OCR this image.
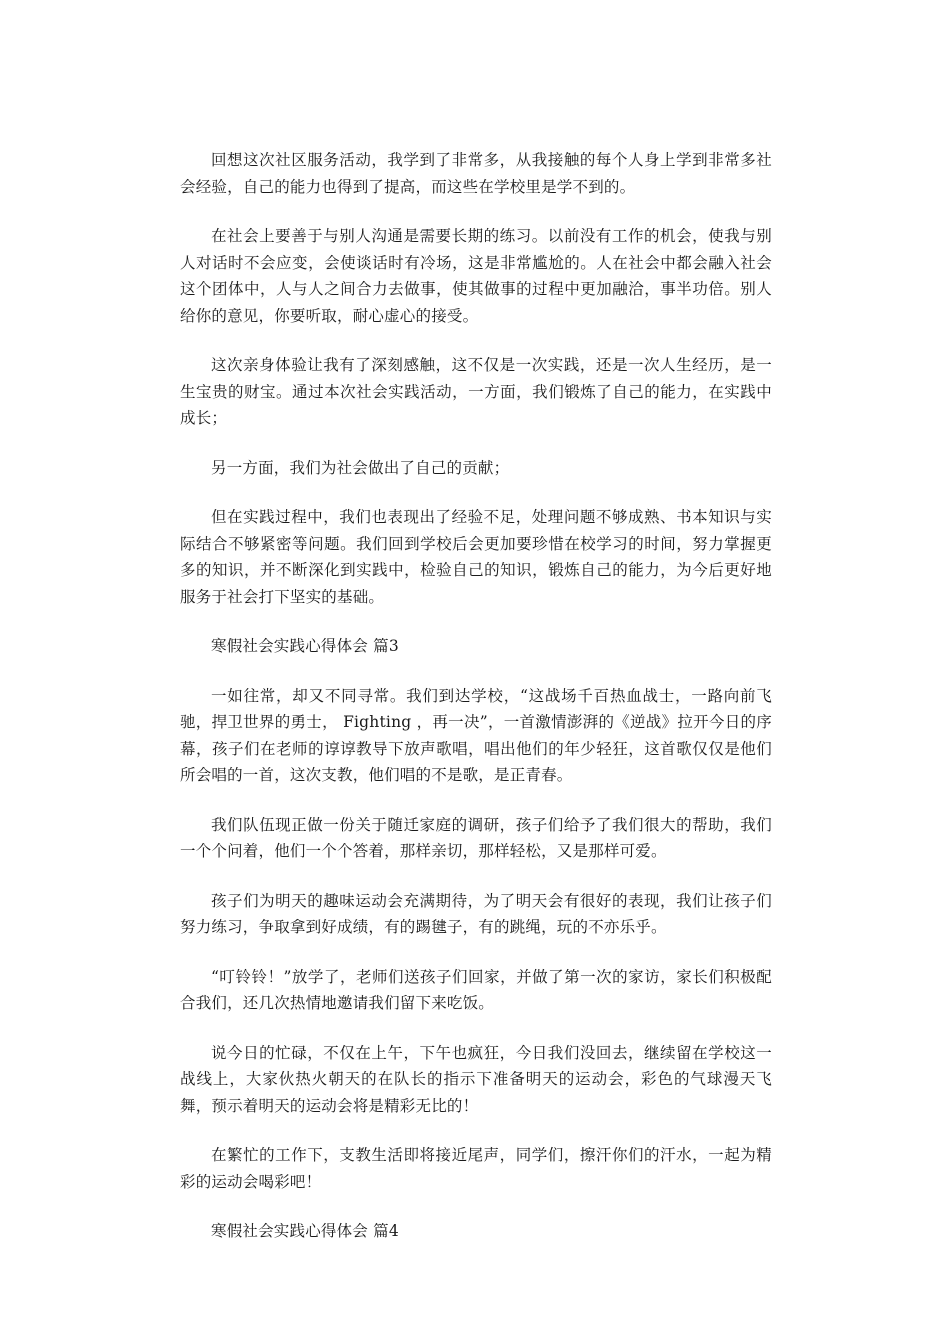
回想这次社区服务活动，我学到了非常多，从我接触的每个人身上学到非常多社会经验，自己的能力也得到了提高，而这些在学校里是学不到的。

在社会上要善于与别人沟通是需要长期的练习。以前没有工作的机会，使我与别人对话时不会应变，会使谈话时有冷场，这是非常尴尬的。人在社会中都会融入社会这个团体中，人与人之间合力去做事，使其做事的过程中更加融洽，事半功倍。别人给你的意见，你要听取，耐心虚心的接受。

这次亲身体验让我有了深刻感触，这不仅是一次实践，还是一次人生经历，是一生宝贵的财宝。通过本次社会实践活动，一方面，我们锻炼了自己的能力，在实践中成长；

另一方面，我们为社会做出了自己的贡献；

但在实践过程中，我们也表现出了经验不足，处理问题不够成熟、书本知识与实际结合不够紧密等问题。我们回到学校后会更加要珍惜在校学习的时间，努力掌握更多的知识，并不断深化到实践中，检验自己的知识，锻炼自己的能力，为今后更好地服务于社会打下坚实的基础。

寒假社会实践心得体会 篇3

一如往常，却又不同寻常。我们到达学校，“这战场千百热血战士，一路向前飞驰，捍卫世界的勇士， Fighting ，再一决”，一首激情澎湃的《逆战》拉开今日的序幕，孩子们在老师的谆谆教导下放声歌唱，唱出他们的年少轻狂，这首歌仅仅是他们所会唱的一首，这次支教，他们唱的不是歌，是正青春。

我们队伍现正做一份关于随迁家庭的调研，孩子们给予了我们很大的帮助，我们一个个问着，他们一个个答着，那样亲切，那样轻松，又是那样可爱。

孩子们为明天的趣味运动会充满期待，为了明天会有很好的表现，我们让孩子们努力练习，争取拿到好成绩，有的踢毽子，有的跳绳，玩的不亦乐乎。

“叮铃铃！”放学了，老师们送孩子们回家，并做了第一次的家访，家长们积极配合我们，还几次热情地邀请我们留下来吃饭。

说今日的忙碌，不仅在上午，下午也疯狂，今日我们没回去，继续留在学校这一战线上，大家伙热火朝天的在队长的指示下准备明天的运动会，彩色的气球漫天飞舞，预示着明天的运动会将是精彩无比的！

在繁忙的工作下，支教生活即将接近尾声，同学们，擦汗你们的汗水，一起为精彩的运动会喝彩吧！

寒假社会实践心得体会 篇4
